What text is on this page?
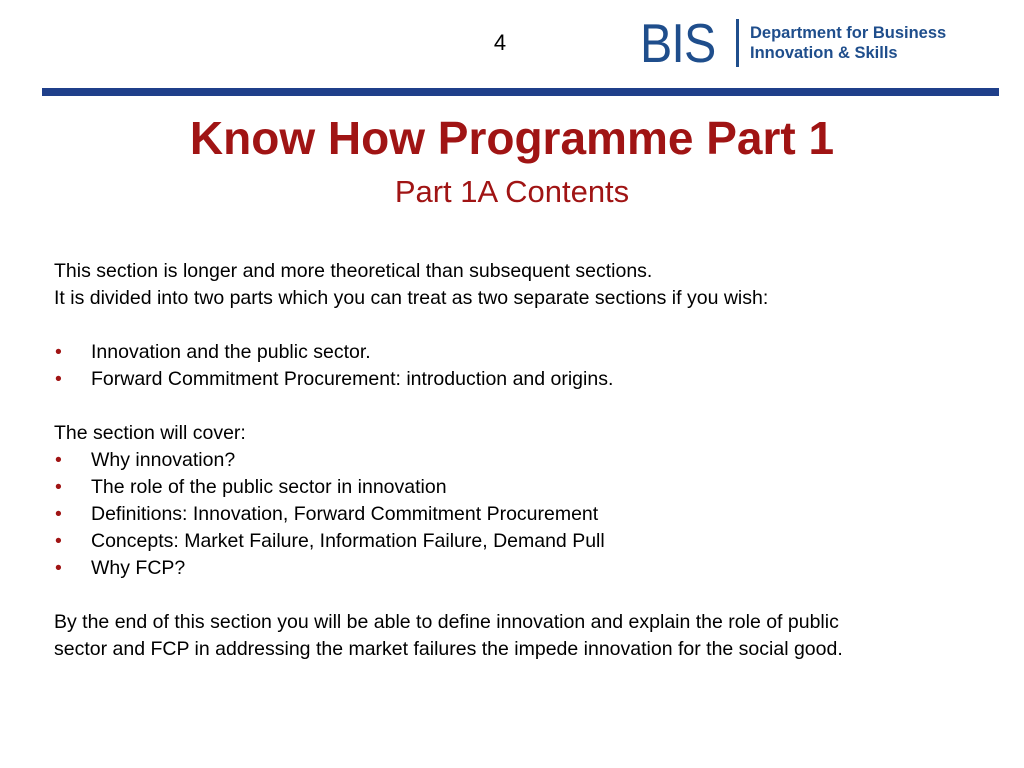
4	BIS Department for Business
Innovation & Skills
Know How Programme Part 1
Part 1A Contents
This section is longer and more theoretical than subsequent sections.
It is divided into two parts which you can treat as two separate sections if you wish:
• Innovation and the public sector.
• Forward Commitment Procurement: introduction and origins.
The section will cover:
• Why innovation?
• The role of the public sector in innovation
• Definitions: Innovation, Forward Commitment Procurement
• Concepts: Market Failure, Information Failure, Demand Pull
• Why FCP?
By the end of this section you will be able to define innovation and explain the role of public
sector and FCP in addressing the market failures the impede innovation for the social good.
